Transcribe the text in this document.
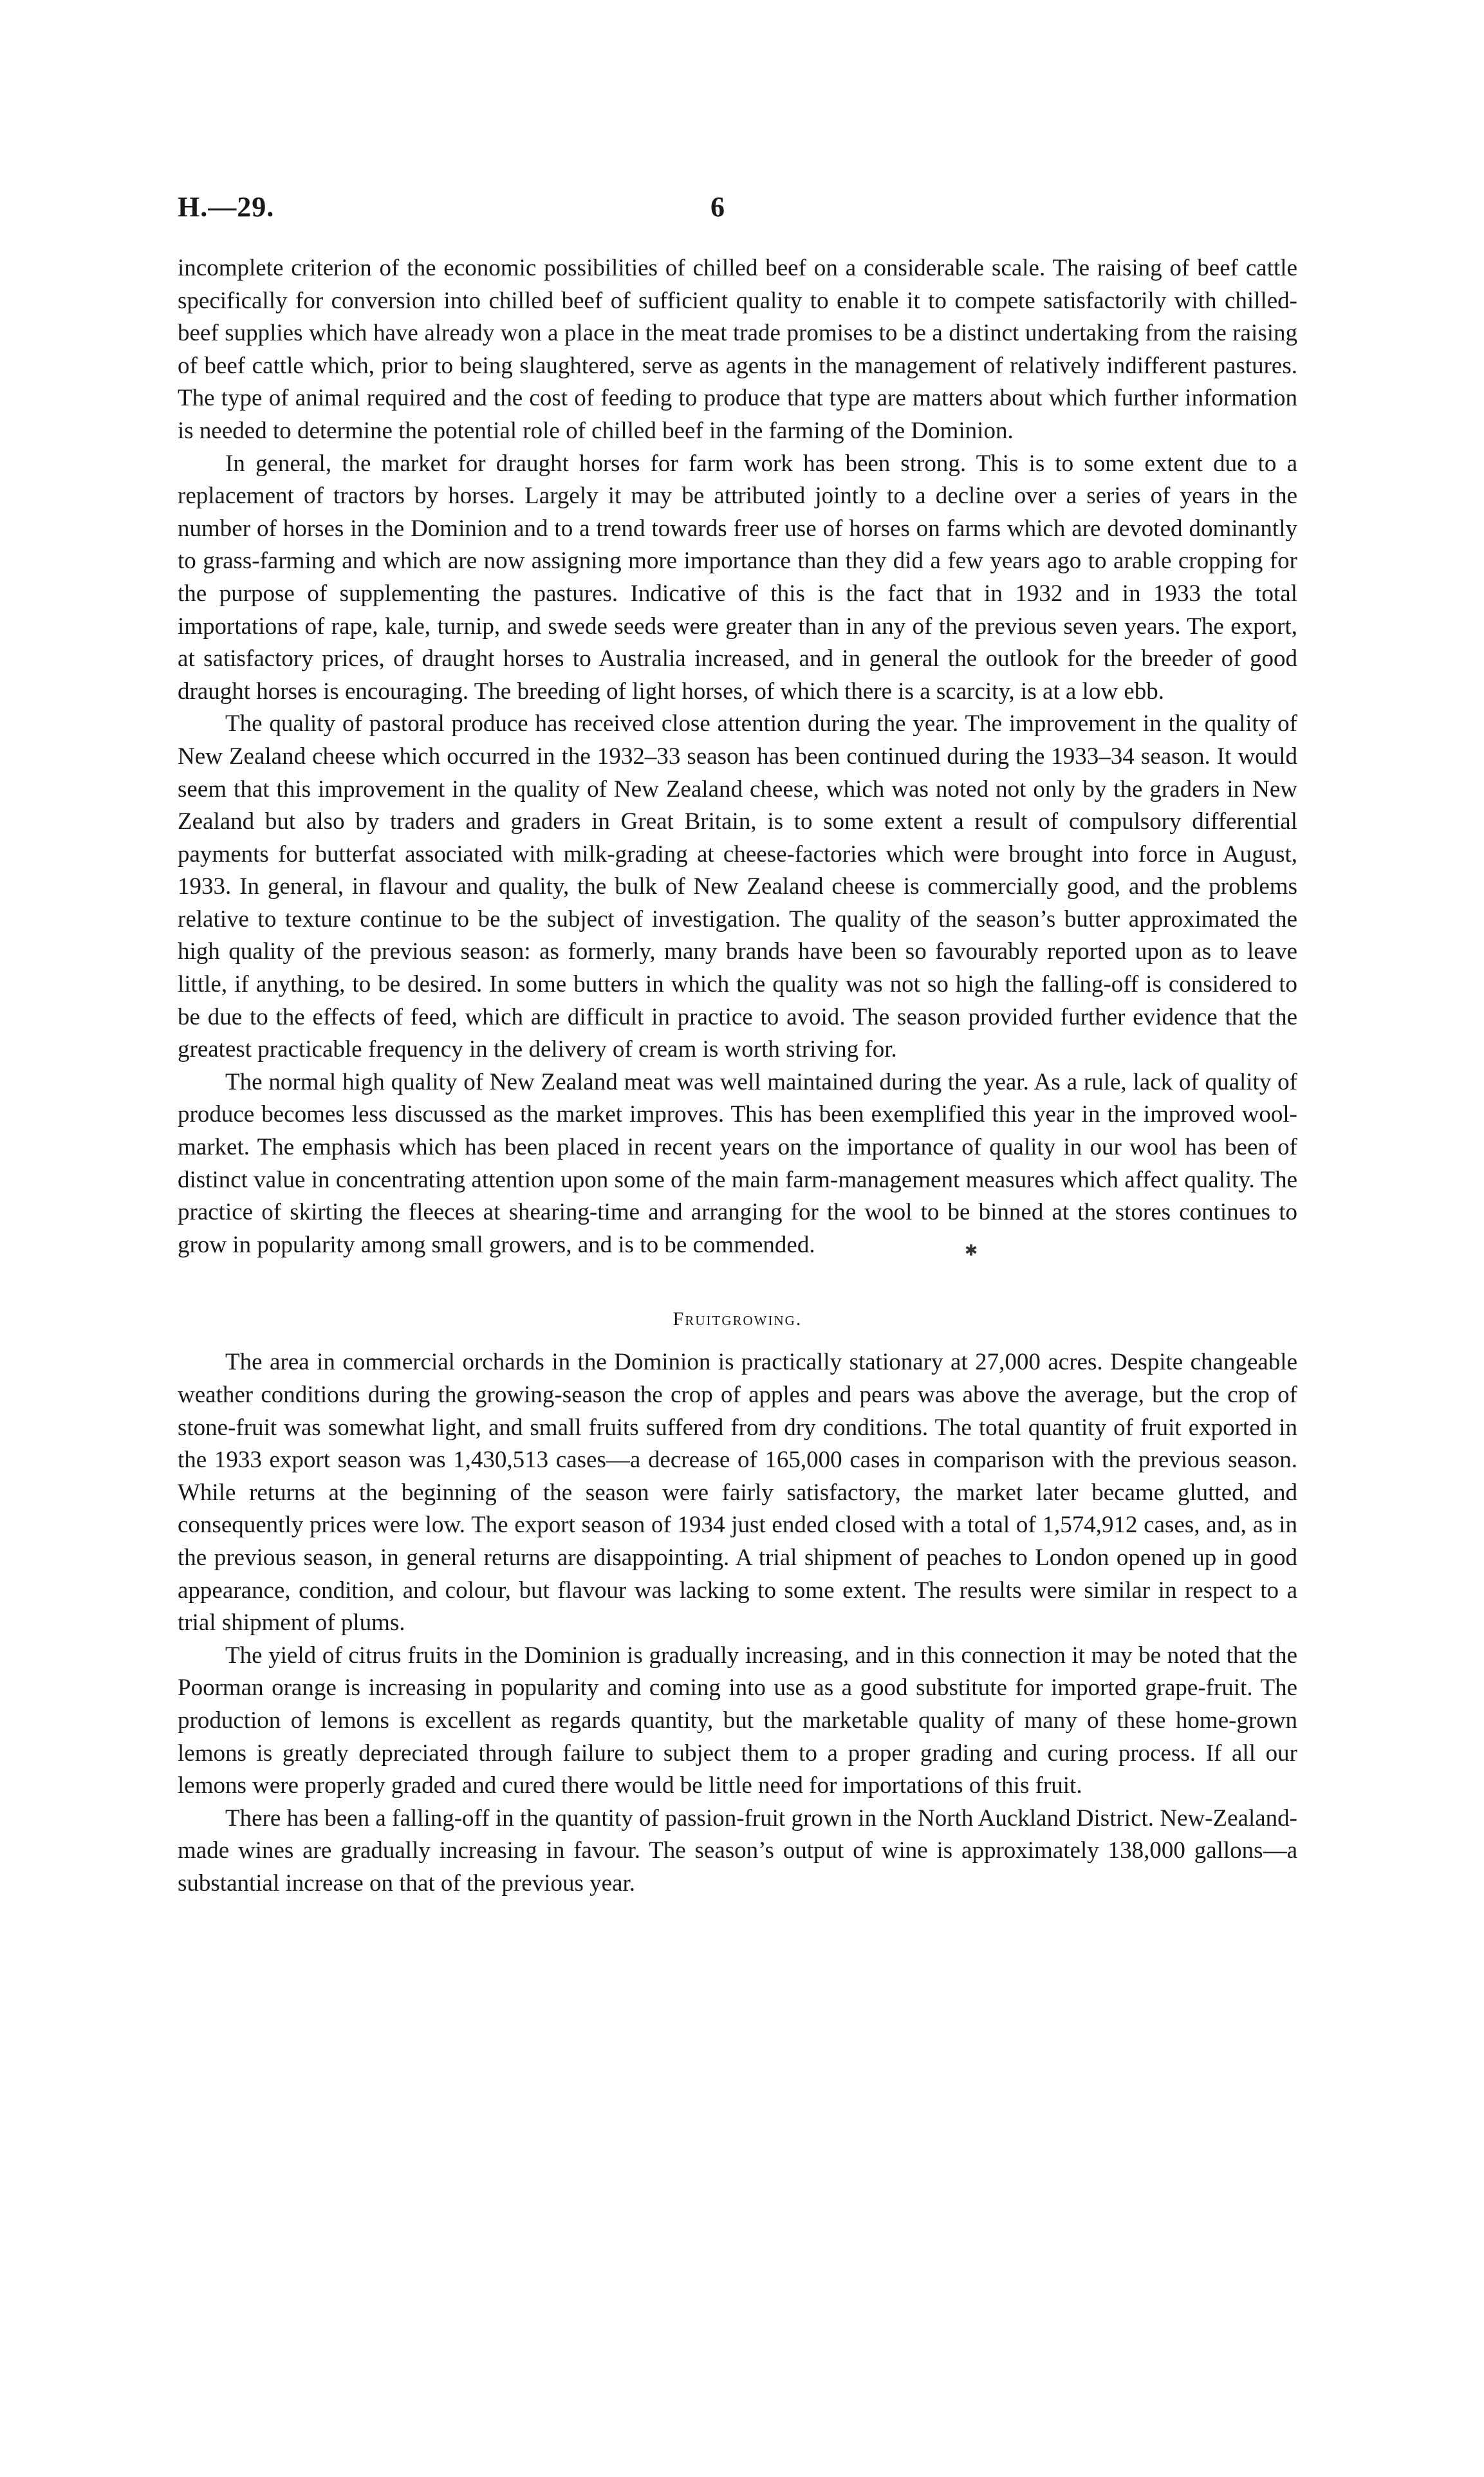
H.—29.	6

incomplete criterion of the economic possibilities of chilled beef on a considerable scale. The raising of beef cattle specifically for conversion into chilled beef of sufficient quality to enable it to compete satisfactorily with chilled-beef supplies which have already won a place in the meat trade promises to be a distinct undertaking from the raising of beef cattle which, prior to being slaughtered, serve as agents in the management of relatively indifferent pastures. The type of animal required and the cost of feeding to produce that type are matters about which further information is needed to determine the potential role of chilled beef in the farming of the Dominion.

In general, the market for draught horses for farm work has been strong. This is to some extent due to a replacement of tractors by horses. Largely it may be attributed jointly to a decline over a series of years in the number of horses in the Dominion and to a trend towards freer use of horses on farms which are devoted dominantly to grass-farming and which are now assigning more importance than they did a few years ago to arable cropping for the purpose of supplementing the pastures. Indicative of this is the fact that in 1932 and in 1933 the total importations of rape, kale, turnip, and swede seeds were greater than in any of the previous seven years. The export, at satisfactory prices, of draught horses to Australia increased, and in general the outlook for the breeder of good draught horses is encouraging. The breeding of light horses, of which there is a scarcity, is at a low ebb.

The quality of pastoral produce has received close attention during the year. The improvement in the quality of New Zealand cheese which occurred in the 1932–33 season has been continued during the 1933–34 season. It would seem that this improvement in the quality of New Zealand cheese, which was noted not only by the graders in New Zealand but also by traders and graders in Great Britain, is to some extent a result of compulsory differential payments for butterfat associated with milk-grading at cheese-factories which were brought into force in August, 1933. In general, in flavour and quality, the bulk of New Zealand cheese is commercially good, and the problems relative to texture continue to be the subject of investigation. The quality of the season’s butter approximated the high quality of the previous season: as formerly, many brands have been so favourably reported upon as to leave little, if anything, to be desired. In some butters in which the quality was not so high the falling-off is considered to be due to the effects of feed, which are difficult in practice to avoid. The season provided further evidence that the greatest practicable frequency in the delivery of cream is worth striving for.

The normal high quality of New Zealand meat was well maintained during the year. As a rule, lack of quality of produce becomes less discussed as the market improves. This has been exemplified this year in the improved wool-market. The emphasis which has been placed in recent years on the importance of quality in our wool has been of distinct value in concentrating attention upon some of the main farm-management measures which affect quality. The practice of skirting the fleeces at shearing-time and arranging for the wool to be binned at the stores continues to grow in popularity among small growers, and is to be commended.

Fruitgrowing.

The area in commercial orchards in the Dominion is practically stationary at 27,000 acres. Despite changeable weather conditions during the growing-season the crop of apples and pears was above the average, but the crop of stone-fruit was somewhat light, and small fruits suffered from dry conditions. The total quantity of fruit exported in the 1933 export season was 1,430,513 cases—a decrease of 165,000 cases in comparison with the previous season. While returns at the beginning of the season were fairly satisfactory, the market later became glutted, and consequently prices were low. The export season of 1934 just ended closed with a total of 1,574,912 cases, and, as in the previous season, in general returns are disappointing. A trial shipment of peaches to London opened up in good appearance, condition, and colour, but flavour was lacking to some extent. The results were similar in respect to a trial shipment of plums.

The yield of citrus fruits in the Dominion is gradually increasing, and in this connection it may be noted that the Poorman orange is increasing in popularity and coming into use as a good substitute for imported grape-fruit. The production of lemons is excellent as regards quantity, but the marketable quality of many of these home-grown lemons is greatly depreciated through failure to subject them to a proper grading and curing process. If all our lemons were properly graded and cured there would be little need for importations of this fruit.

There has been a falling-off in the quantity of passion-fruit grown in the North Auckland District. New-Zealand-made wines are gradually increasing in favour. The season’s output of wine is approximately 138,000 gallons—a substantial increase on that of the previous year.

✱
